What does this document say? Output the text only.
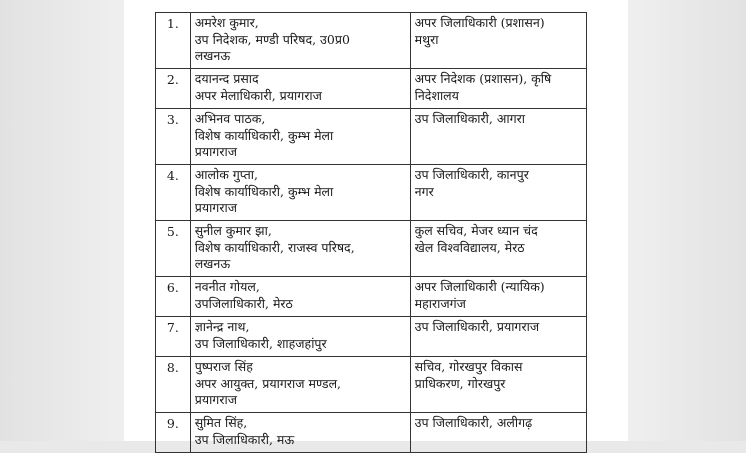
1.	अमरेश कुमार,
उप निदेशक, मण्डी परिषद, उ0प्र0
लखनऊ	अपर जिलाधिकारी (प्रशासन)
मथुरा

2.	दयानन्द प्रसाद
अपर मेलाधिकारी, प्रयागराज	अपर निदेशक (प्रशासन), कृषि
निदेशालय

3.	अभिनव पाठक,
विशेष कार्याधिकारी, कुम्भ मेला
प्रयागराज	उप जिलाधिकारी, आगरा

4.	आलोक गुप्ता,
विशेष कार्याधिकारी, कुम्भ मेला
प्रयागराज	उप जिलाधिकारी, कानपुर
नगर

5.	सुनील कुमार झा,
विशेष कार्याधिकारी, राजस्व परिषद,
लखनऊ	कुल सचिव, मेजर ध्यान चंद
खेल विश्वविद्यालय, मेरठ

6.	नवनीत गोयल,
उपजिलाधिकारी, मेरठ	अपर जिलाधिकारी (न्यायिक)
महाराजगंज

7.	ज्ञानेन्द्र नाथ,
उप जिलाधिकारी, शाहजहांपुर	उप जिलाधिकारी, प्रयागराज

8.	पुष्पराज सिंह
अपर आयुक्त, प्रयागराज मण्डल,
प्रयागराज	सचिव, गोरखपुर विकास
प्राधिकरण, गोरखपुर

9.	सुमित सिंह,
उप जिलाधिकारी, मऊ	उप जिलाधिकारी, अलीगढ़
